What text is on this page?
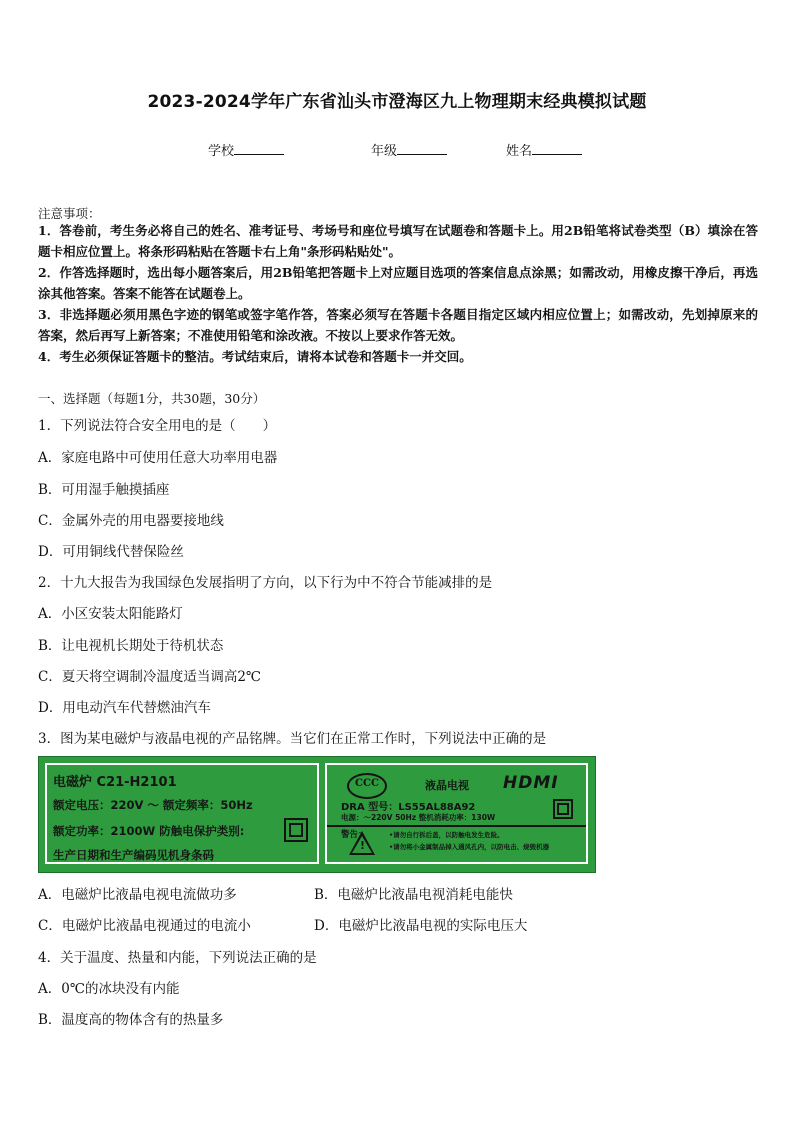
2023-2024学年广东省汕头市澄海区九上物理期末经典模拟试题
学校	年级	姓名
注意事项：
1．答卷前，考生务必将自己的姓名、准考证号、考场号和座位号填写在试题卷和答题卡上。用2B铅笔将试卷类型（B）填涂在答题卡相应位置上。将条形码粘贴在答题卡右上角"条形码粘贴处"。
2．作答选择题时，选出每小题答案后，用2B铅笔把答题卡上对应题目选项的答案信息点涂黑；如需改动，用橡皮擦干净后，再选涂其他答案。答案不能答在试题卷上。
3．非选择题必须用黑色字迹的钢笔或签字笔作答，答案必须写在答题卡各题目指定区域内相应位置上；如需改动，先划掉原来的答案，然后再写上新答案；不准使用铅笔和涂改液。不按以上要求作答无效。
4．考生必须保证答题卡的整洁。考试结束后，请将本试卷和答题卡一并交回。
一、选择题（每题1分，共30题，30分）
1．下列说法符合安全用电的是（　　）
A．家庭电路中可使用任意大功率用电器
B．可用湿手触摸插座
C．金属外壳的用电器要接地线
D．可用铜线代替保险丝
2．十九大报告为我国绿色发展指明了方向，以下行为中不符合节能减排的是
A．小区安装太阳能路灯
B．让电视机长期处于待机状态
C．夏天将空调制冷温度适当调高2℃
D．用电动汽车代替燃油汽车
3．图为某电磁炉与液晶电视的产品铭牌。当它们在正常工作时，下列说法中正确的是
电磁炉 C21-H2101
额定电压：220V ～ 额定频率：50Hz
额定功率：2100W 防触电保护类别:
生产日期和生产编码见机身条码
CCC	液晶电视 HDMI
DRA 型号：LS55AL88A92
电源：～220V 50Hz 整机消耗功率：130W
警告：
!
•请勿自行拆后盖，以防触电发生危险。
•请勿将小金属制品掉入通风孔内，以防电击、烧毁机器
A．电磁炉比液晶电视电流做功多	B．电磁炉比液晶电视消耗电能快
C．电磁炉比液晶电视通过的电流小	D．电磁炉比液晶电视的实际电压大
4．关于温度、热量和内能，下列说法正确的是
A．0℃的冰块没有内能
B．温度高的物体含有的热量多
